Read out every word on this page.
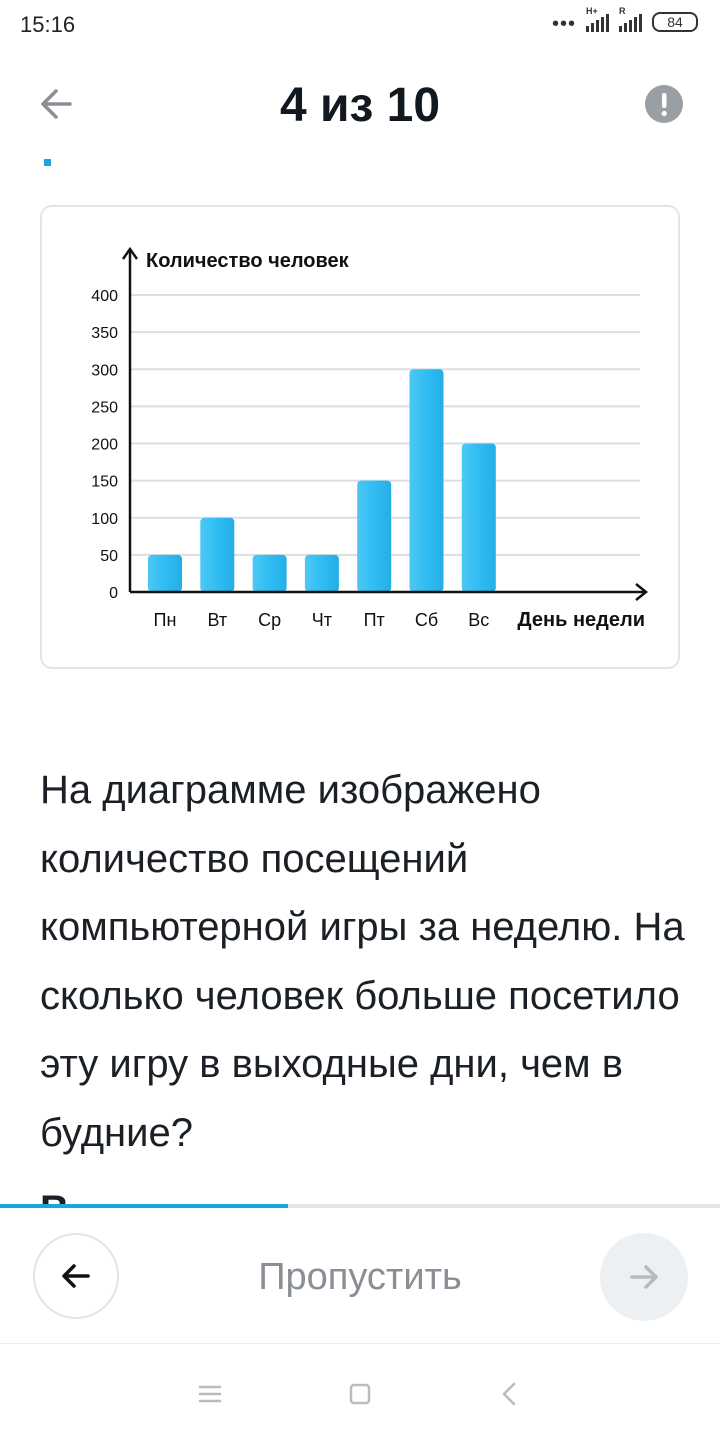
15:16	•••
H+ R
84
4 из 10
0
50
100
150
200
250
300
350
400
Количество человек
День недели
Пн Вт Ср Чт Пт Сб Вс
На диаграмме изображено количество посещений компьютерной игры за неделю. На сколько человек больше посетило эту игру в выходные дни, чем в будние?
Пропустить
